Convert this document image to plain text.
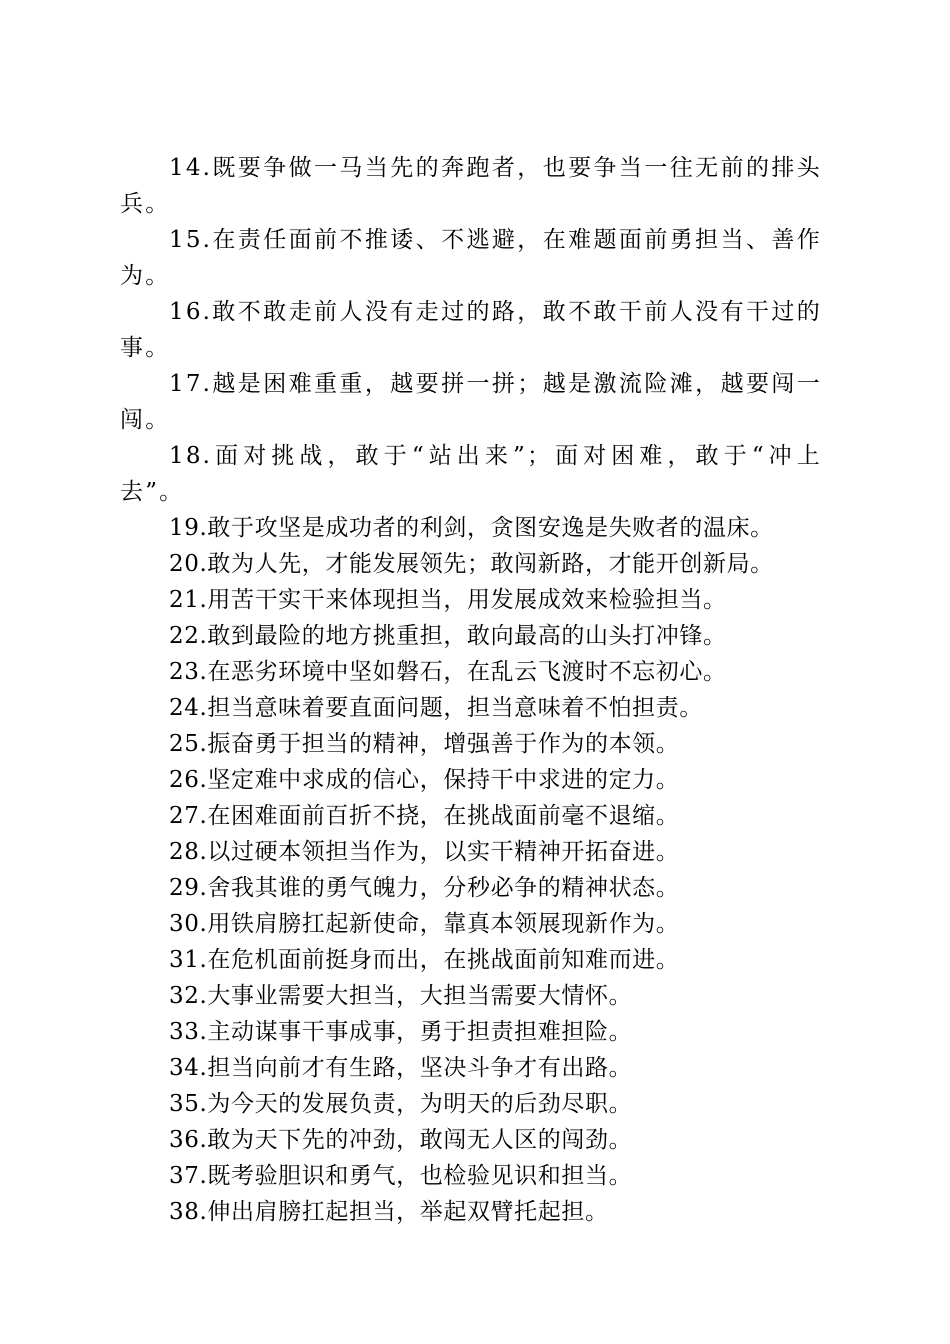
14.既要争做一马当先的奔跑者，也要争当一往无前的排头兵。

15.在责任面前不推诿、不逃避，在难题面前勇担当、善作为。

16.敢不敢走前人没有走过的路，敢不敢干前人没有干过的事。

17.越是困难重重，越要拼一拼；越是激流险滩，越要闯一闯。

18.面对挑战，敢于“站出来”；面对困难，敢于“冲上去”。

19.敢于攻坚是成功者的利剑，贪图安逸是失败者的温床。

20.敢为人先，才能发展领先；敢闯新路，才能开创新局。

21.用苦干实干来体现担当，用发展成效来检验担当。

22.敢到最险的地方挑重担，敢向最高的山头打冲锋。

23.在恶劣环境中坚如磐石，在乱云飞渡时不忘初心。

24.担当意味着要直面问题，担当意味着不怕担责。

25.振奋勇于担当的精神，增强善于作为的本领。

26.坚定难中求成的信心，保持干中求进的定力。

27.在困难面前百折不挠，在挑战面前毫不退缩。

28.以过硬本领担当作为，以实干精神开拓奋进。

29.舍我其谁的勇气魄力，分秒必争的精神状态。

30.用铁肩膀扛起新使命，靠真本领展现新作为。

31.在危机面前挺身而出，在挑战面前知难而进。

32.大事业需要大担当，大担当需要大情怀。

33.主动谋事干事成事，勇于担责担难担险。

34.担当向前才有生路，坚决斗争才有出路。

35.为今天的发展负责，为明天的后劲尽职。

36.敢为天下先的冲劲，敢闯无人区的闯劲。

37.既考验胆识和勇气，也检验见识和担当。

38.伸出肩膀扛起担当，举起双臂托起担。
